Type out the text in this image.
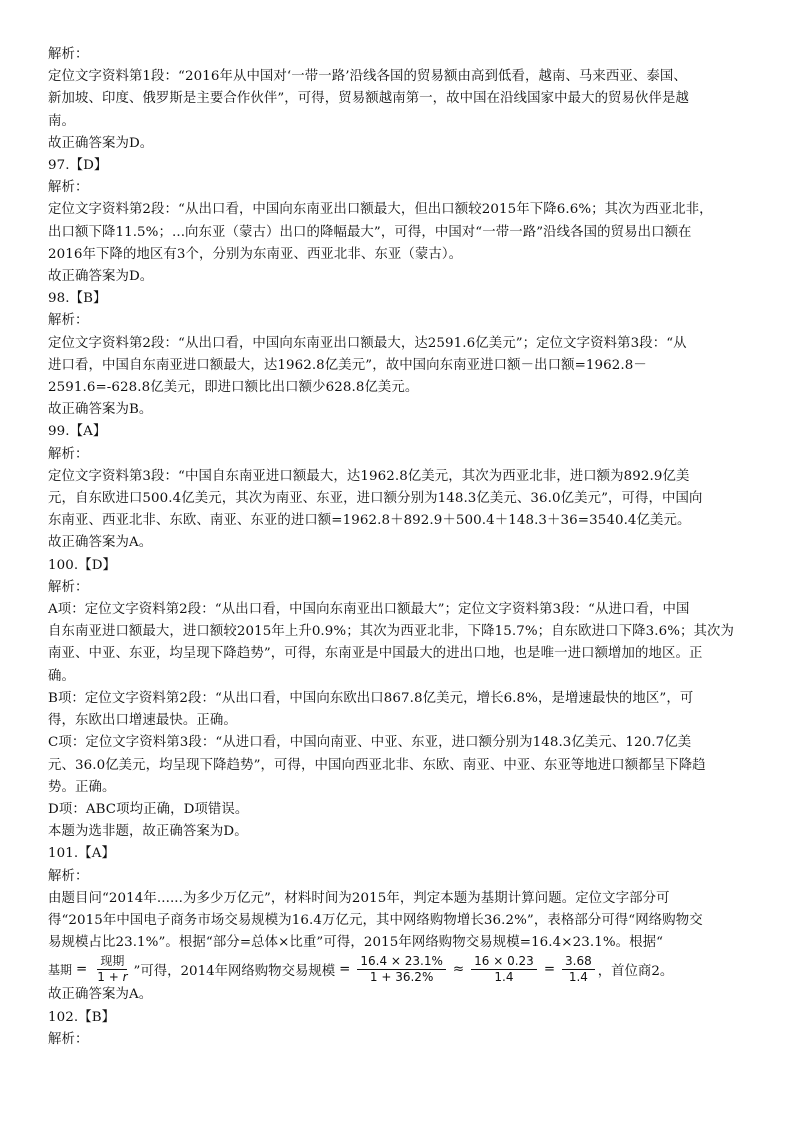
解析：
定位文字资料第1段：“2016年从中国对‘一带一路’沿线各国的贸易额由高到低看，越南、马来西亚、泰国、
新加坡、印度、俄罗斯是主要合作伙伴”，可得，贸易额越南第一，故中国在沿线国家中最大的贸易伙伴是越
南。
故正确答案为D。
97.【D】
解析：
定位文字资料第2段：“从出口看，中国向东南亚出口额最大，但出口额较2015年下降6.6%；其次为西亚北非，
出口额下降11.5%；...向东亚（蒙古）出口的降幅最大”，可得，中国对“一带一路”沿线各国的贸易出口额在
2016年下降的地区有3个，分别为东南亚、西亚北非、东亚（蒙古）。
故正确答案为D。
98.【B】
解析：
定位文字资料第2段：“从出口看，中国向东南亚出口额最大，达2591.6亿美元”；定位文字资料第3段：“从
进口看，中国自东南亚进口额最大，达1962.8亿美元”，故中国向东南亚进口额－出口额=1962.8－
2591.6=-628.8亿美元，即进口额比出口额少628.8亿美元。
故正确答案为B。
99.【A】
解析：
定位文字资料第3段：“中国自东南亚进口额最大，达1962.8亿美元，其次为西亚北非，进口额为892.9亿美
元，自东欧进口500.4亿美元，其次为南亚、东亚，进口额分别为148.3亿美元、36.0亿美元”，可得，中国向
东南亚、西亚北非、东欧、南亚、东亚的进口额=1962.8＋892.9＋500.4＋148.3＋36=3540.4亿美元。
故正确答案为A。
100.【D】
解析：
A项：定位文字资料第2段：“从出口看，中国向东南亚出口额最大”；定位文字资料第3段：“从进口看，中国
自东南亚进口额最大，进口额较2015年上升0.9%；其次为西亚北非，下降15.7%；自东欧进口下降3.6%；其次为
南亚、中亚、东亚，均呈现下降趋势”，可得，东南亚是中国最大的进出口地，也是唯一进口额增加的地区。正
确。
B项：定位文字资料第2段：“从出口看，中国向东欧出口867.8亿美元，增长6.8%，是增速最快的地区”，可
得，东欧出口增速最快。正确。
C项：定位文字资料第3段：“从进口看，中国向南亚、中亚、东亚，进口额分别为148.3亿美元、120.7亿美
元、36.0亿美元，均呈现下降趋势”，可得，中国向西亚北非、东欧、南亚、中亚、东亚等地进口额都呈下降趋
势。正确。
D项：ABC项均正确，D项错误。
本题为选非题，故正确答案为D。
101.【A】
解析：
由题目问“2014年......为多少万亿元”，材料时间为2015年，判定本题为基期计算问题。定位文字部分可
得“2015年中国电子商务市场交易规模为16.4万亿元，其中网络购物增长36.2%”，表格部分可得“网络购物交
易规模占比23.1%”。根据“部分=总体×比重”可得，2015年网络购物交易规模=16.4×23.1%。根据“
基期 = $\frac{\text{现期}}{1 + r}$ ”可得，2014年网络购物交易规模 = $\frac{16.4 \times 23.1\%}{1 + 36.2\%} \approx \frac{16 \times 0.23}{1.4} = \frac{3.68}{1.4}$ ，首位商2。
故正确答案为A。
102.【B】
解析：
